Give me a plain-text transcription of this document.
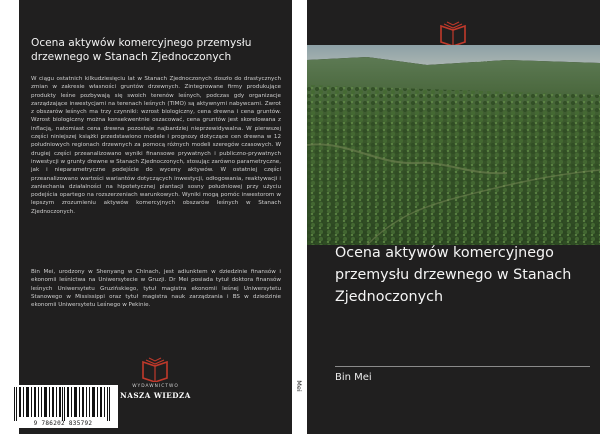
Ocena aktywów komercyjnego przemysłu drzewnego w Stanach Zjednoczonych

W ciągu ostatnich kilkudziesięciu lat w Stanach Zjednoczonych doszło do drastycznych zmian w zakresie własności gruntów drzewnych. Zintegrowane firmy produkujące produkty leśne pozbywają się swoich terenów leśnych, podczas gdy organizacje zarządzające inwestycjami na terenach leśnych (TIMO) są aktywnymi nabywcami. Zwrot z obszarów leśnych ma trzy czynniki: wzrost biologiczny, cena drewna i cena gruntów. Wzrost biologiczny można konsekwentnie oszacować, cena gruntów jest skorelowana z inflacją, natomiast cena drewna pozostaje najbardziej nieprzewidywalna. W pierwszej części niniejszej książki przedstawiono modele i prognozy dotyczące cen drewna w 12 południowych regionach drzewnych za pomocą różnych modeli szeregów czasowych. W drugiej części przeanalizowano wyniki finansowe prywatnych i publiczno-prywatnych inwestycji w grunty drewne w Stanach Zjednoczonych, stosując zarówno parametryczne, jak i nieparametryczne podejście do wyceny aktywów. W ostatniej części przeanalizowano wartości wariantów dotyczących inwestycji, odłogowania, reaktywacji i zaniechania działalności na hipotetycznej plantacji sosny południowej przy użyciu podejścia opartego na rozszerzeniach warunkowych. Wyniki mogą pomóc inwestorom w lepszym zrozumieniu aktywów komercyjnych obszarów leśnych w Stanach Zjednoczonych.

Bin Mei, urodzony w Shenyang w Chinach, jest adiunktem w dziedzinie finansów i ekonomii leśnictwa na Uniwersytecie w Gruzji. Dr Mei posiada tytuł doktora finansów leśnych Uniwersytetu Gruzińskiego, tytuł magistra ekonomii leśnej Uniwersytetu Stanowego w Mississippi oraz tytuł magistra nauk zarządzania i BS w dziedzinie ekonomii Uniwersytetu Leśnego w Pekinie.

WYDAWNICTWO
NASZA WIEDZA
9 786202 835792
Mei
Ocena aktywów komercyjnego przemysłu drzewnego w Stanach Zjednoczonych
Bin Mei
